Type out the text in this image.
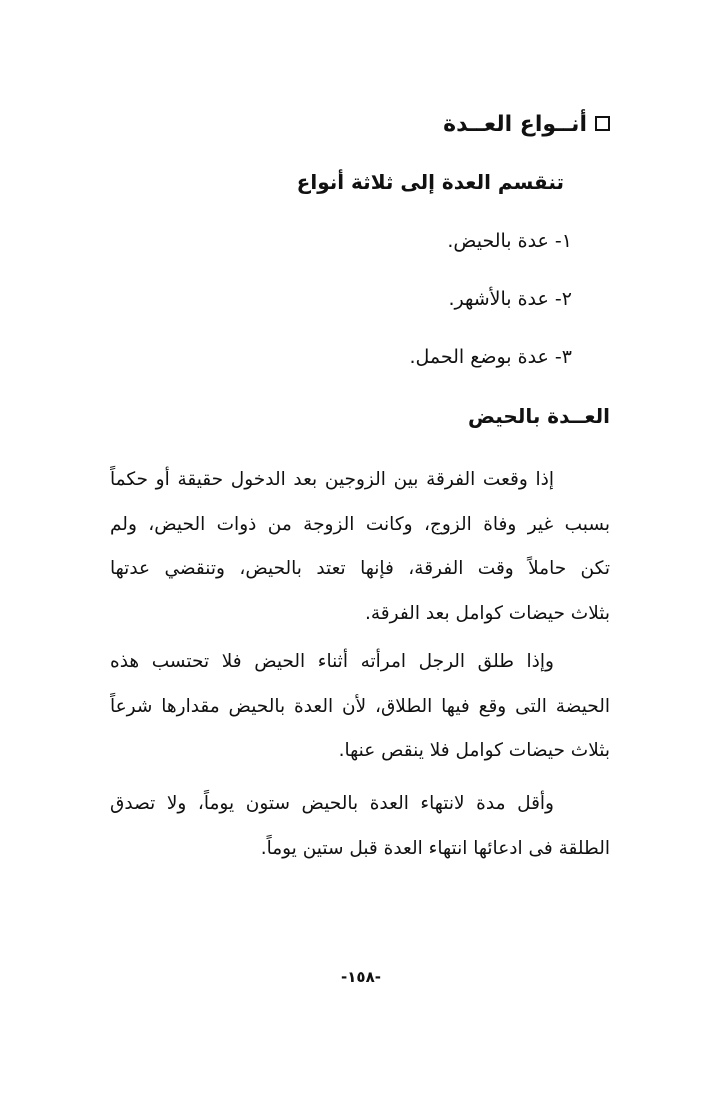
أنــواع العــدة
تنقسم العدة إلى ثلاثة أنواع
١- عدة بالحيض.
٢- عدة بالأشهر.
٣- عدة بوضع الحمل.
العــدة بالحيض
إذا وقعت الفرقة بين الزوجين بعد الدخول حقيقة أو حكماً
بسبب غير وفاة الزوج، وكانت الزوجة من ذوات الحيض، ولم
تكن حاملاً وقت الفرقة، فإنها تعتد بالحيض، وتنقضي عدتها
بثلاث حيضات كوامل بعد الفرقة.
وإذا طلق الرجل امرأته أثناء الحيض فلا تحتسب هذه
الحيضة التى وقع فيها الطلاق، لأن العدة بالحيض مقدارها شرعاً
بثلاث حيضات كوامل فلا ينقص عنها.
وأقل مدة لانتهاء العدة بالحيض ستون يوماً، ولا تصدق
الطلقة فى ادعائها انتهاء العدة قبل ستين يوماً.
-١٥٨-
